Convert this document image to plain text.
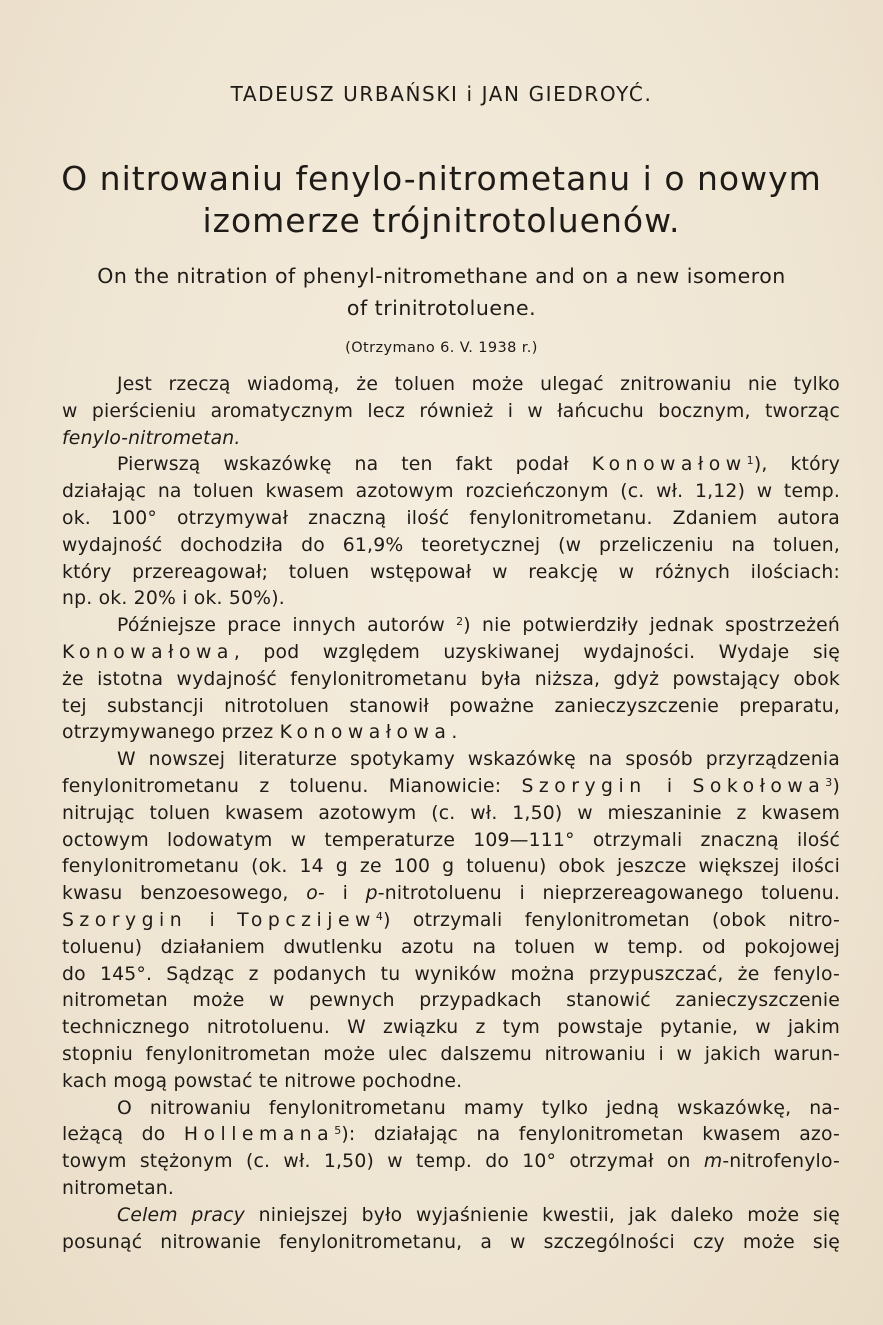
TADEUSZ URBAŃSKI i JAN GIEDROYĆ.
O nitrowaniu fenylo-nitrometanu i o nowym
izomerze trójnitrotoluenów.
On the nitration of phenyl-nitromethane and on a new isomeron
of trinitrotoluene.
(Otrzymano 6. V. 1938 r.)

Jest rzeczą wiadomą, że toluen może ulegać znitrowaniu nie tylko
w pierścieniu aromatycznym lecz również i w łańcuchu bocznym, tworząc
fenylo-nitrometan.

Pierwszą wskazówkę na ten fakt podał Konowałow$^1$), który
działając na toluen kwasem azotowym rozcieńczonym (c. wł. 1,12) w temp.
ok. 100° otrzymywał znaczną ilość fenylonitrometanu. Zdaniem autora
wydajność dochodziła do 61,9% teoretycznej (w przeliczeniu na toluen,
który przereagował; toluen wstępował w reakcję w różnych ilościach:
np. ok. 20% i ok. 50%).

Późniejsze prace innych autorów $^2$) nie potwierdziły jednak spostrzeżeń
Konowałowa, pod względem uzyskiwanej wydajności. Wydaje się
że istotna wydajność fenylonitrometanu była niższa, gdyż powstający obok
tej substancji nitrotoluen stanowił poważne zanieczyszczenie preparatu,
otrzymywanego przez Konowałowa.

W nowszej literaturze spotykamy wskazówkę na sposób przyrządzenia
fenylonitrometanu z toluenu. Mianowicie: Szorygin i Sokołowa$^3$)
nitrując toluen kwasem azotowym (c. wł. 1,50) w mieszaninie z kwasem
octowym lodowatym w temperaturze 109—111° otrzymali znaczną ilość
fenylonitrometanu (ok. 14 g ze 100 g toluenu) obok jeszcze większej ilości
kwasu benzoesowego, o- i p-nitrotoluenu i nieprzereagowanego toluenu.
Szorygin i Topczijew$^4$) otrzymali fenylonitrometan (obok nitro-
toluenu) działaniem dwutlenku azotu na toluen w temp. od pokojowej
do 145°. Sądząc z podanych tu wyników można przypuszczać, że fenylo-
nitrometan może w pewnych przypadkach stanowić zanieczyszczenie
technicznego nitrotoluenu. W związku z tym powstaje pytanie, w jakim
stopniu fenylonitrometan może ulec dalszemu nitrowaniu i w jakich warun-
kach mogą powstać te nitrowe pochodne.

O nitrowaniu fenylonitrometanu mamy tylko jedną wskazówkę, na-
leżącą do Hollemana$^5$): działając na fenylonitrometan kwasem azo-
towym stężonym (c. wł. 1,50) w temp. do 10° otrzymał on m-nitrofenylo-
nitrometan.

Celem pracy niniejszej było wyjaśnienie kwestii, jak daleko może się
posunąć nitrowanie fenylonitrometanu, a w szczególności czy może się
